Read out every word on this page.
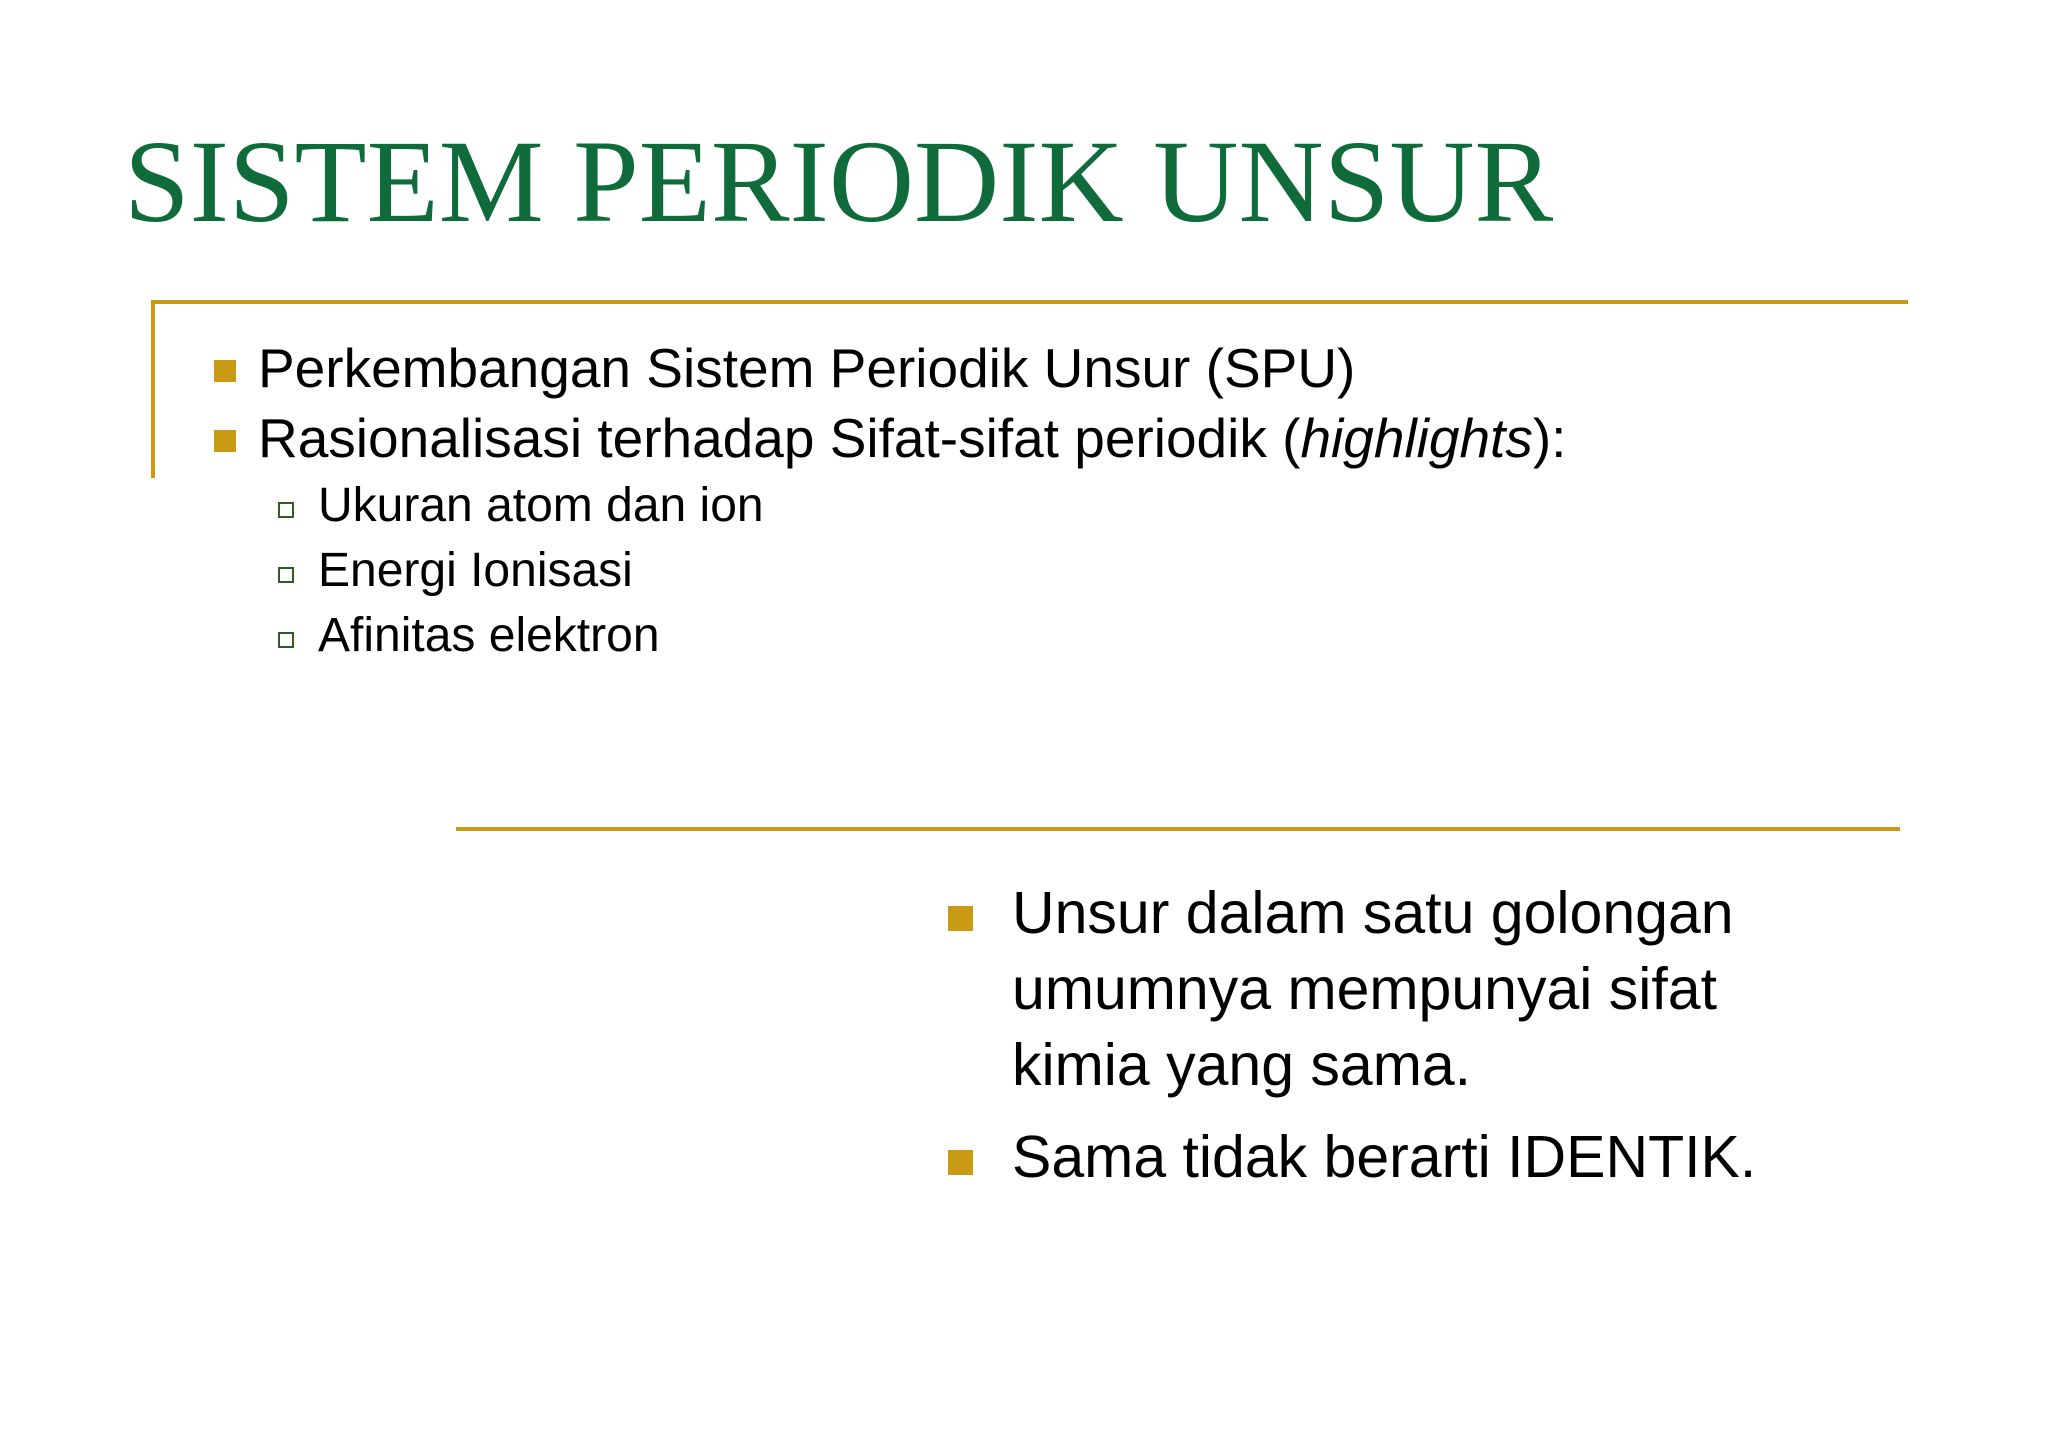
SISTEM PERIODIK UNSUR
Perkembangan Sistem Periodik Unsur (SPU)
Rasionalisasi terhadap Sifat-sifat periodik (highlights):
Ukuran atom dan ion
Energi Ionisasi
Afinitas elektron
Unsur dalam satu golongan umumnya mempunyai sifat kimia yang sama.
Sama tidak berarti IDENTIK.
